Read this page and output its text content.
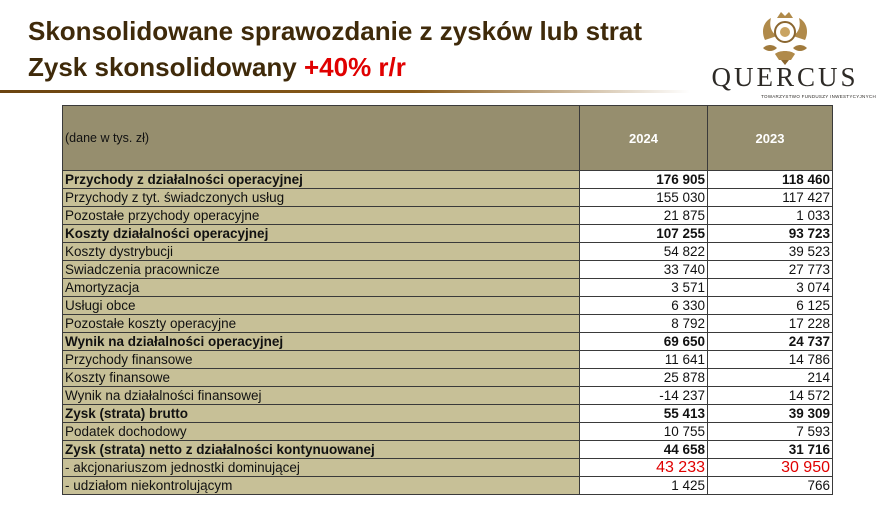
Skonsolidowane sprawozdanie z zysków lub strat
Zysk skonsolidowany +40% r/r	QUERCUS
TOWARZYSTWO FUNDUSZY INWESTYCYJNYCH
(dane w tys. zł)	2024	2023
Przychody z działalności operacyjnej	176 905	118 460
Przychody z tyt. świadczonych usług	155 030	117 427
Pozostałe przychody operacyjne	21 875	1 033
Koszty działalności operacyjnej	107 255	93 723
Koszty dystrybucji	54 822	39 523
Swiadczenia pracownicze	33 740	27 773
Amortyzacja	3 571	3 074
Usługi obce	6 330	6 125
Pozostałe koszty operacyjne	8 792	17 228
Wynik na działalności operacyjnej	69 650	24 737
Przychody finansowe	11 641	14 786
Koszty finansowe	25 878	214
Wynik na działalności finansowej	-14 237	14 572
Zysk (strata) brutto	55 413	39 309
Podatek dochodowy	10 755	7 593
Zysk (strata) netto z działalności kontynuowanej	44 658	31 716
- akcjonariuszom jednostki dominującej	43 233	30 950
- udziałom niekontrolującym	1 425	766
